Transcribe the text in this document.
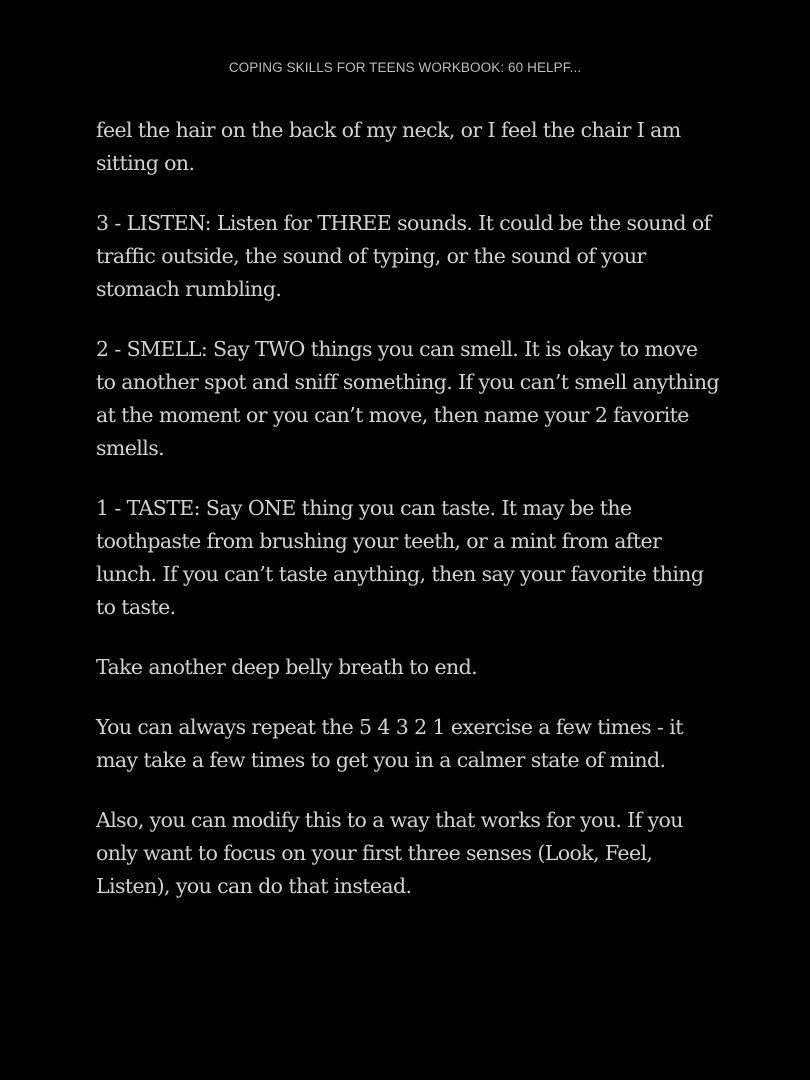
COPING SKILLS FOR TEENS WORKBOOK: 60 HELPF...

feel the hair on the back of my neck, or I feel the chair I am sitting on.

3 - LISTEN: Listen for THREE sounds. It could be the sound of traffic outside, the sound of typing, or the sound of your stomach rumbling.

2 - SMELL: Say TWO things you can smell. It is okay to move to another spot and sniff something. If you can’t smell anything at the moment or you can’t move, then name your 2 favorite smells.

1 - TASTE: Say ONE thing you can taste. It may be the toothpaste from brushing your teeth, or a mint from after lunch. If you can’t taste anything, then say your favorite thing to taste.

Take another deep belly breath to end.

You can always repeat the 5 4 3 2 1 exercise a few times - it may take a few times to get you in a calmer state of mind.

Also, you can modify this to a way that works for you. If you only want to focus on your first three senses (Look, Feel, Listen), you can do that instead.
